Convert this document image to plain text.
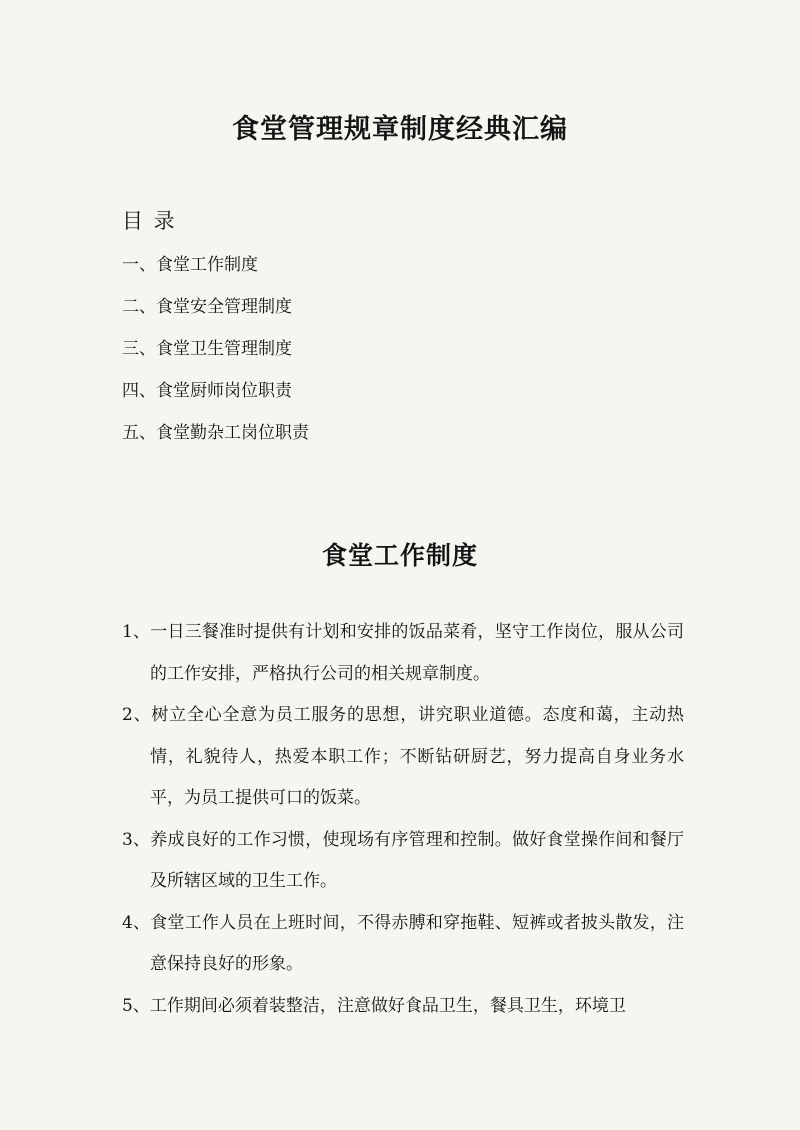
食堂管理规章制度经典汇编
目 录
一、食堂工作制度
二、食堂安全管理制度
三、食堂卫生管理制度
四、食堂厨师岗位职责
五、食堂勤杂工岗位职责
食堂工作制度
1、一日三餐准时提供有计划和安排的饭品菜肴，坚守工作岗位，服从公司的工作安排，严格执行公司的相关规章制度。
2、树立全心全意为员工服务的思想，讲究职业道德。态度和蔼，主动热情，礼貌待人，热爱本职工作；不断钻研厨艺，努力提高自身业务水平，为员工提供可口的饭菜。
3、养成良好的工作习惯，使现场有序管理和控制。做好食堂操作间和餐厅及所辖区域的卫生工作。
4、食堂工作人员在上班时间，不得赤膊和穿拖鞋、短裤或者披头散发，注意保持良好的形象。
5、工作期间必须着装整洁，注意做好食品卫生，餐具卫生，环境卫
